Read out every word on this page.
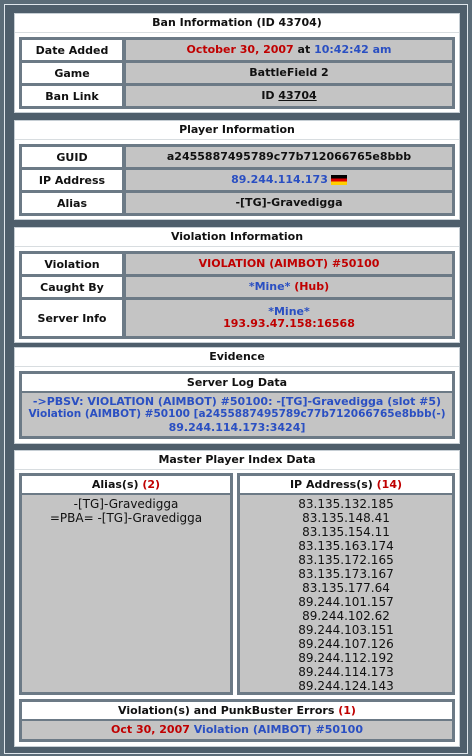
Ban Information (ID 43704)
Date Added	October 30, 2007
at
10:42:42 am
Game	BattleField 2
Ban Link	ID
43704
Player Information
GUID	a2455887495789c77b712066765e8bbb
IP Address	89.244.114.173
Alias	-[TG]-Gravedigga
Violation Information
Violation	VIOLATION (AIMBOT) #50100
Caught By	*Mine*
(Hub)
Server Info	*Mine*
193.93.47.158:16568
Evidence
Server Log Data
->PBSV: VIOLATION (AIMBOT) #50100: -[TG]-Gravedigga (slot #5)
Violation (AIMBOT) #50100 [a2455887495789c77b712066765e8bbb(-)
89.244.114.173:3424]
Master Player Index Data
Alias(s) (2)
-[TG]-Gravedigga
=PBA= -[TG]-Gravedigga
IP Address(s) (14)
83.135.132.185
83.135.148.41
83.135.154.11
83.135.163.174
83.135.172.165
83.135.173.167
83.135.177.64
89.244.101.157
89.244.102.62
89.244.103.151
89.244.107.126
89.244.112.192
89.244.114.173
89.244.124.143
Violation(s) and PunkBuster Errors (1)
Oct 30, 2007 Violation (AIMBOT) #50100
